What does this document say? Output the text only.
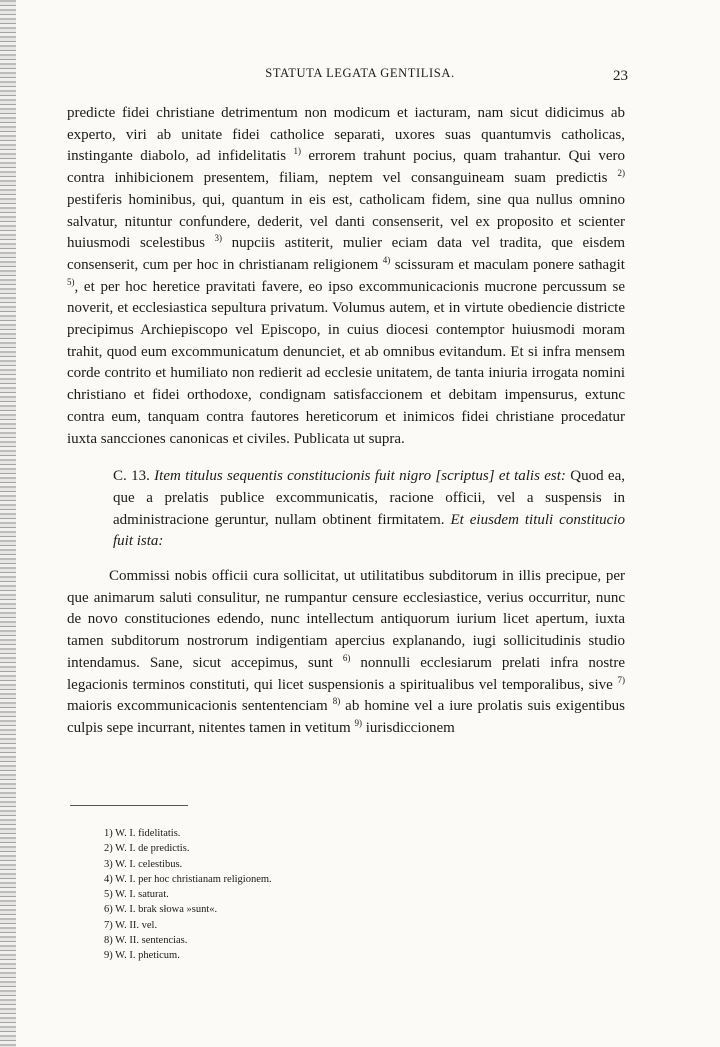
STATUTA LEGATA GENTILISA.	23

predicte fidei christiane detrimentum non modicum et iacturam, nam sicut didicimus ab experto, viri ab unitate fidei catholice separati, uxores suas quantumvis catholicas, instingante diabolo, ad infidelitatis $^{1)}$ errorem trahunt pocius, quam trahantur. Qui vero contra inhibicionem presentem, filiam, neptem vel consanguineam suam predictis $^{2)}$ pestiferis hominibus, qui, quantum in eis est, catholicam fidem, sine qua nullus omnino salvatur, nituntur confundere, dederit, vel danti consenserit, vel ex proposito et scienter huiusmodi scelestibus $^{3)}$ nupciis astiterit, mulier eciam data vel tradita, que eisdem consenserit, cum per hoc in christianam religionem $^{4)}$ scissuram et maculam ponere sathagit $^{5)}$, et per hoc heretice pravitati favere, eo ipso excommunicacionis mucrone percussum se noverit, et ecclesiastica sepultura privatum. Volumus autem, et in virtute obediencie districte precipimus Archiepiscopo vel Episcopo, in cuius diocesi contemptor huiusmodi moram trahit, quod eum excommunicatum denunciet, et ab omnibus evitandum. Et si infra mensem corde contrito et humiliato non redierit ad ecclesie unitatem, de tanta iniuria irrogata nomini christiano et fidei orthodoxe, condignam satisfaccionem et debitam impensurus, extunc contra eum, tanquam contra fautores hereticorum et inimicos fidei christiane procedatur iuxta sancciones canonicas et civiles. Publicata ut supra.

C. 13. Item titulus sequentis constitucionis fuit nigro [scriptus] et talis est: Quod ea, que a prelatis publice excommunicatis, racione officii, vel a suspensis in administracione geruntur, nullam obtinent firmitatem. Et eiusdem tituli constitucio fuit ista:

Commissi nobis officii cura sollicitat, ut utilitatibus subditorum in illis precipue, per que animarum saluti consulitur, ne rumpantur censure ecclesiastice, verius occurritur, nunc de novo constituciones edendo, nunc intellectum antiquorum iurium licet apertum, iuxta tamen subditorum nostrorum indigentiam apercius explanando, iugi sollicitudinis studio intendamus. Sane, sicut accepimus, sunt $^{6)}$ nonnulli ecclesiarum prelati infra nostre legacionis terminos constituti, qui licet suspensionis a spiritualibus vel temporalibus, sive $^{7)}$ maioris excommunicacionis sententenciam $^{8)}$ ab homine vel a iure prolatis suis exigentibus culpis sepe incurrant, nitentes tamen in vetitum $^{9)}$ iurisdiccionem

1) W. I. fidelitatis.
2) W. I. de predictis.
3) W. I. celestibus.
4) W. I. per hoc christianam religionem.
5) W. I. saturat.
6) W. I. brak słowa »sunt«.
7) W. II. vel.
8) W. II. sentencias.
9) W. I. pheticum.
